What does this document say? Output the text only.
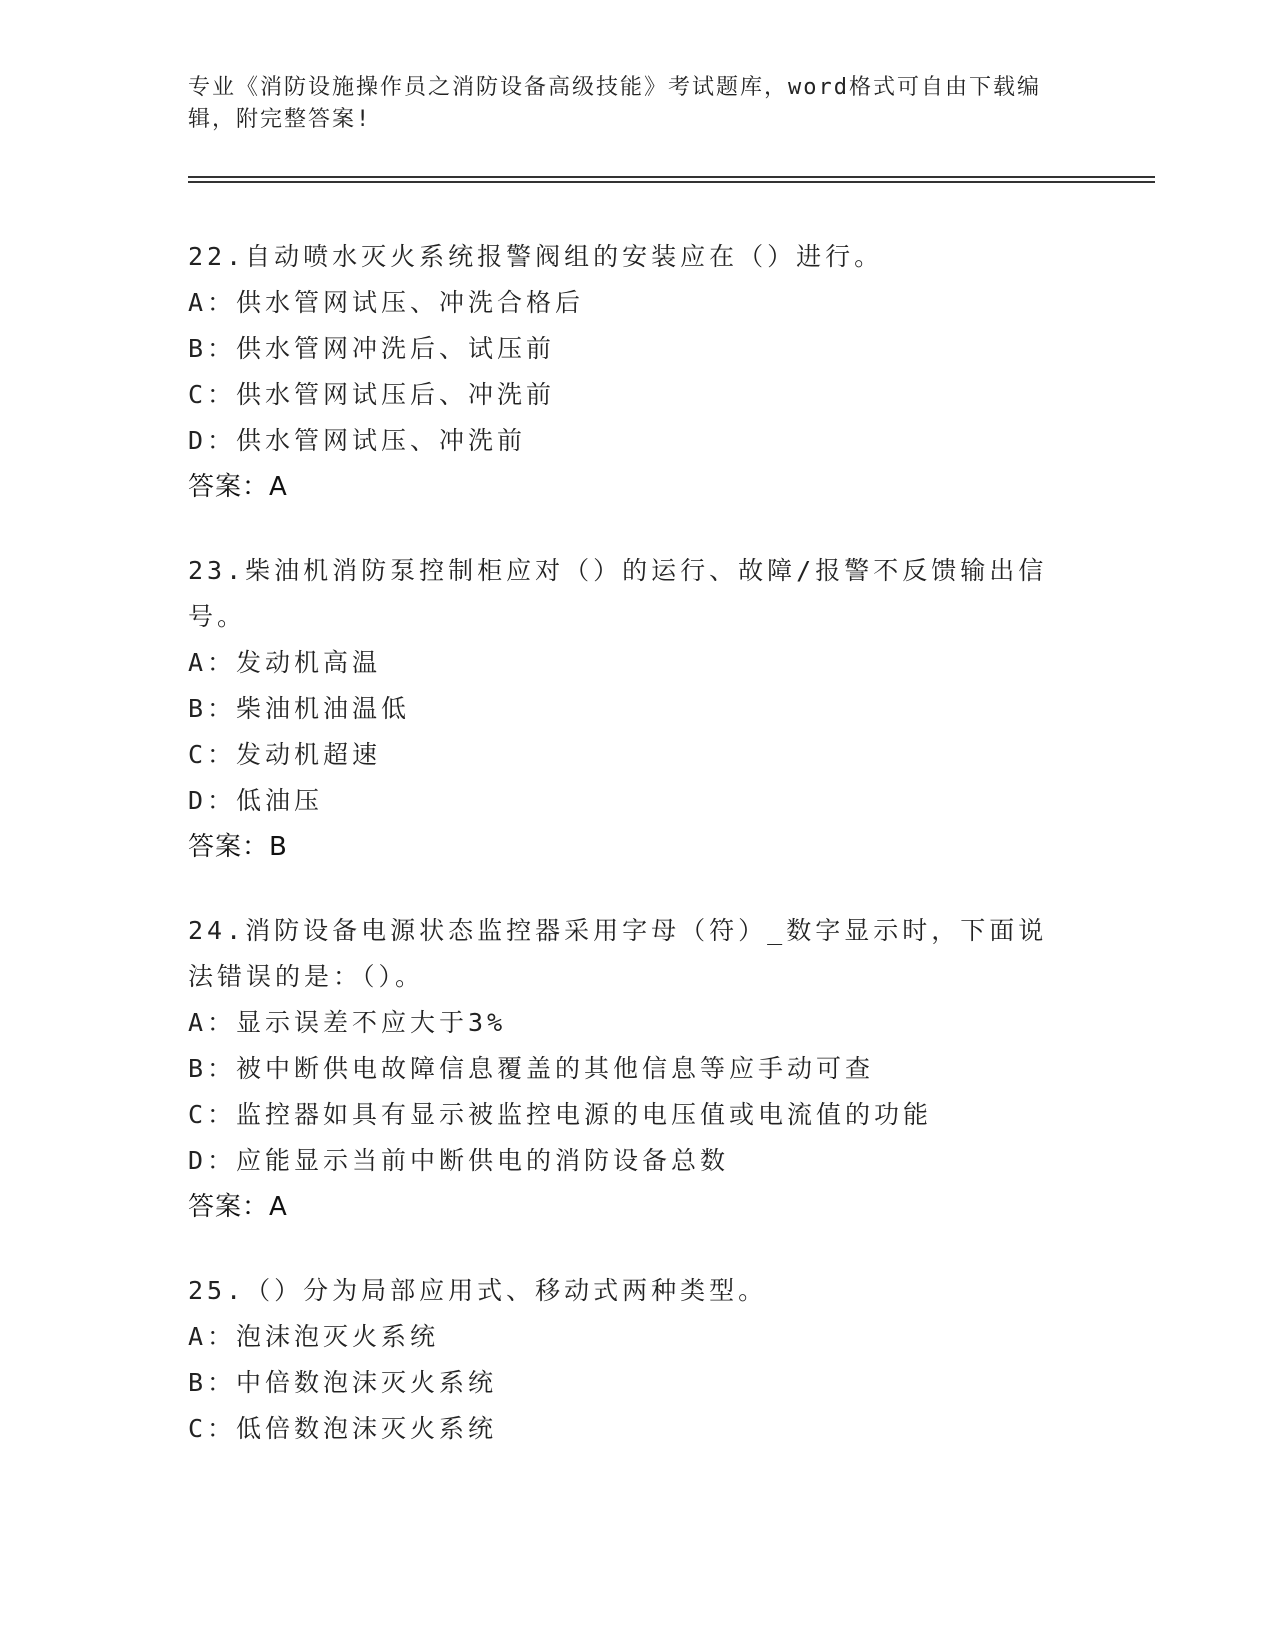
专业《消防设施操作员之消防设备高级技能》考试题库，word格式可自由下载编辑，附完整答案!
22.自动喷水灭火系统报警阀组的安装应在（）进行。
A：供水管网试压、冲洗合格后
B：供水管网冲洗后、试压前
C：供水管网试压后、冲洗前
D：供水管网试压、冲洗前
答案：A
23.柴油机消防泵控制柜应对（）的运行、故障/报警不反馈输出信号。
A：发动机高温
B：柴油机油温低
C：发动机超速
D：低油压
答案：B
24.消防设备电源状态监控器采用字母（符）_数字显示时，下面说法错误的是：（）。
A：显示误差不应大于3%
B：被中断供电故障信息覆盖的其他信息等应手动可查
C：监控器如具有显示被监控电源的电压值或电流值的功能
D：应能显示当前中断供电的消防设备总数
答案：A
25.（）分为局部应用式、移动式两种类型。
A：泡沫泡灭火系统
B：中倍数泡沫灭火系统
C：低倍数泡沫灭火系统
